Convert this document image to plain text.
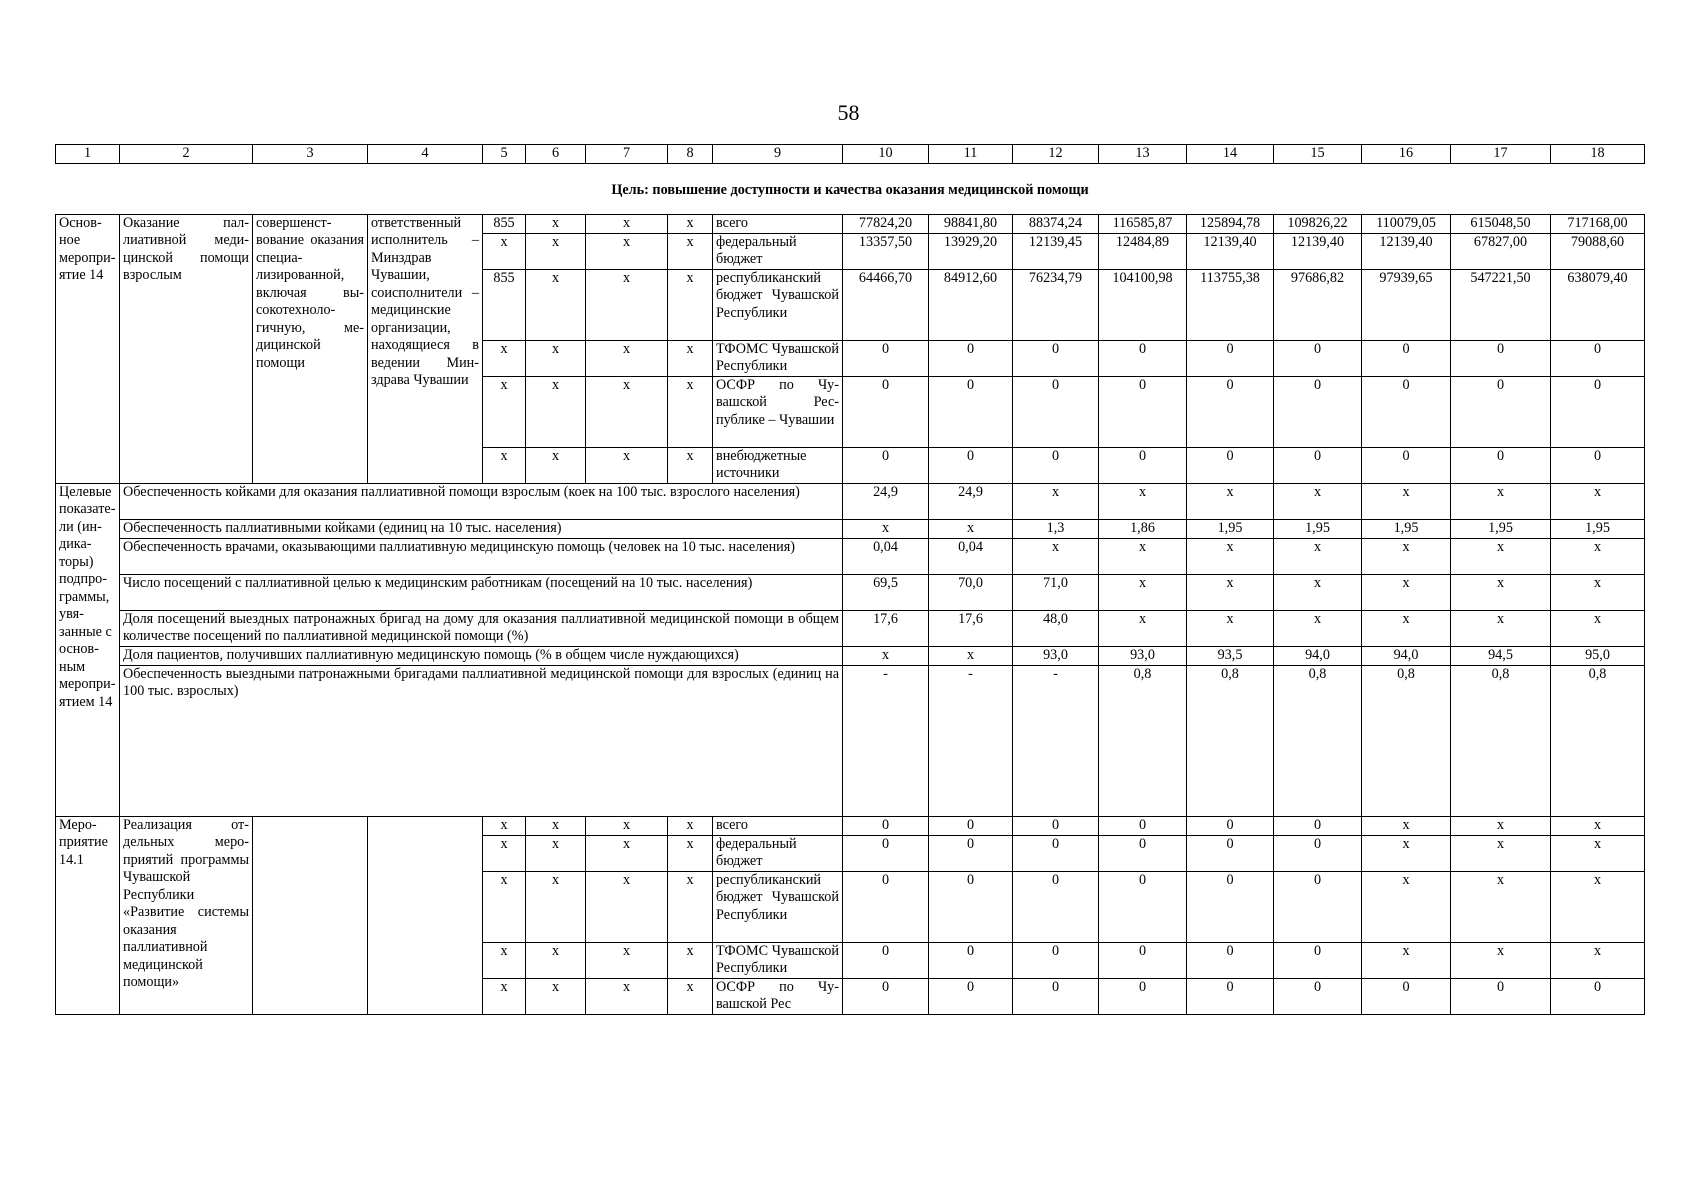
58
1	2	3	4	5	6	7	8	9	10	11	12	13	14	15	16	17	18
Цель: повышение доступности и качества оказания медицинской помощи																	
Основное мероприятие 14	Оказание паллиативной медицинской помощи взрослым	совершенствование оказания специализированной, включая высокотехнологичную, медицинской помощи	ответственный исполнитель – Минздрав Чувашии, соисполнители – медицинские организации, находящиеся в ведении Минздрава Чувашии	855	х	х	х	всего	77824,20	98841,80	88374,24	116585,87	125894,78	109826,22	110079,05	615048,50	717168,00
				х	х	х	х	федеральный бюджет	13357,50	13929,20	12139,45	12484,89	12139,40	12139,40	12139,40	67827,00	79088,60
				855	х	х	х	республиканский бюджет Чувашской Республики	64466,70	84912,60	76234,79	104100,98	113755,38	97686,82	97939,65	547221,50	638079,40
				х	х	х	х	ТФОМС Чувашской Республики	0	0	0	0	0	0	0	0	0
				х	х	х	х	ОСФР по Чувашской Республике – Чувашии	0	0	0	0	0	0	0	0	0
				х	х	х	х	внебюджетные источники	0	0	0	0	0	0	0	0	0
Целевые показатели (индикаторы) подпрограммы, увязанные с основным мероприятием 14	Обеспеченность койками для оказания паллиативной помощи взрослым (коек на 100 тыс. взрослого населения)								24,9	24,9	х	х	х	х	х	х	х
	Обеспеченность паллиативными койками (единиц на 10 тыс. населения)								х	х	1,3	1,86	1,95	1,95	1,95	1,95	1,95
	Обеспеченность врачами, оказывающими паллиативную медицинскую помощь (человек на 10 тыс. населения)								0,04	0,04	х	х	х	х	х	х	х
	Число посещений с паллиативной целью к медицинским работникам (посещений на 10 тыс. населения)								69,5	70,0	71,0	х	х	х	х	х	х
	Доля посещений выездных патронажных бригад на дому для оказания паллиативной медицинской помощи в общем количестве посещений по паллиативной медицинской помощи (%)								17,6	17,6	48,0	х	х	х	х	х	х
	Доля пациентов, получивших паллиативную медицинскую помощь (% в общем числе нуждающихся)								х	х	93,0	93,0	93,5	94,0	94,0	94,5	95,0
	Обеспеченность выездными патронажными бригадами паллиативной медицинской помощи для взрослых (единиц на 100 тыс. взрослых)								-	-	-	0,8	0,8	0,8	0,8	0,8	0,8
Мероприятие 14.1	Реализация отдельных мероприятий программы Чувашской Республики «Развитие системы оказания паллиативной медицинской помощи»			х	х	х	х	всего	0	0	0	0	0	0	х	х	х
				х	х	х	х	федеральный бюджет	0	0	0	0	0	0	х	х	х
				х	х	х	х	республиканский бюджет Чувашской Республики	0	0	0	0	0	0	х	х	х
				х	х	х	х	ТФОМС Чувашской Республики	0	0	0	0	0	0	х	х	х
				х	х	х	х	ОСФР по Чувашской Рес	0	0	0	0	0	0	0	0	0
